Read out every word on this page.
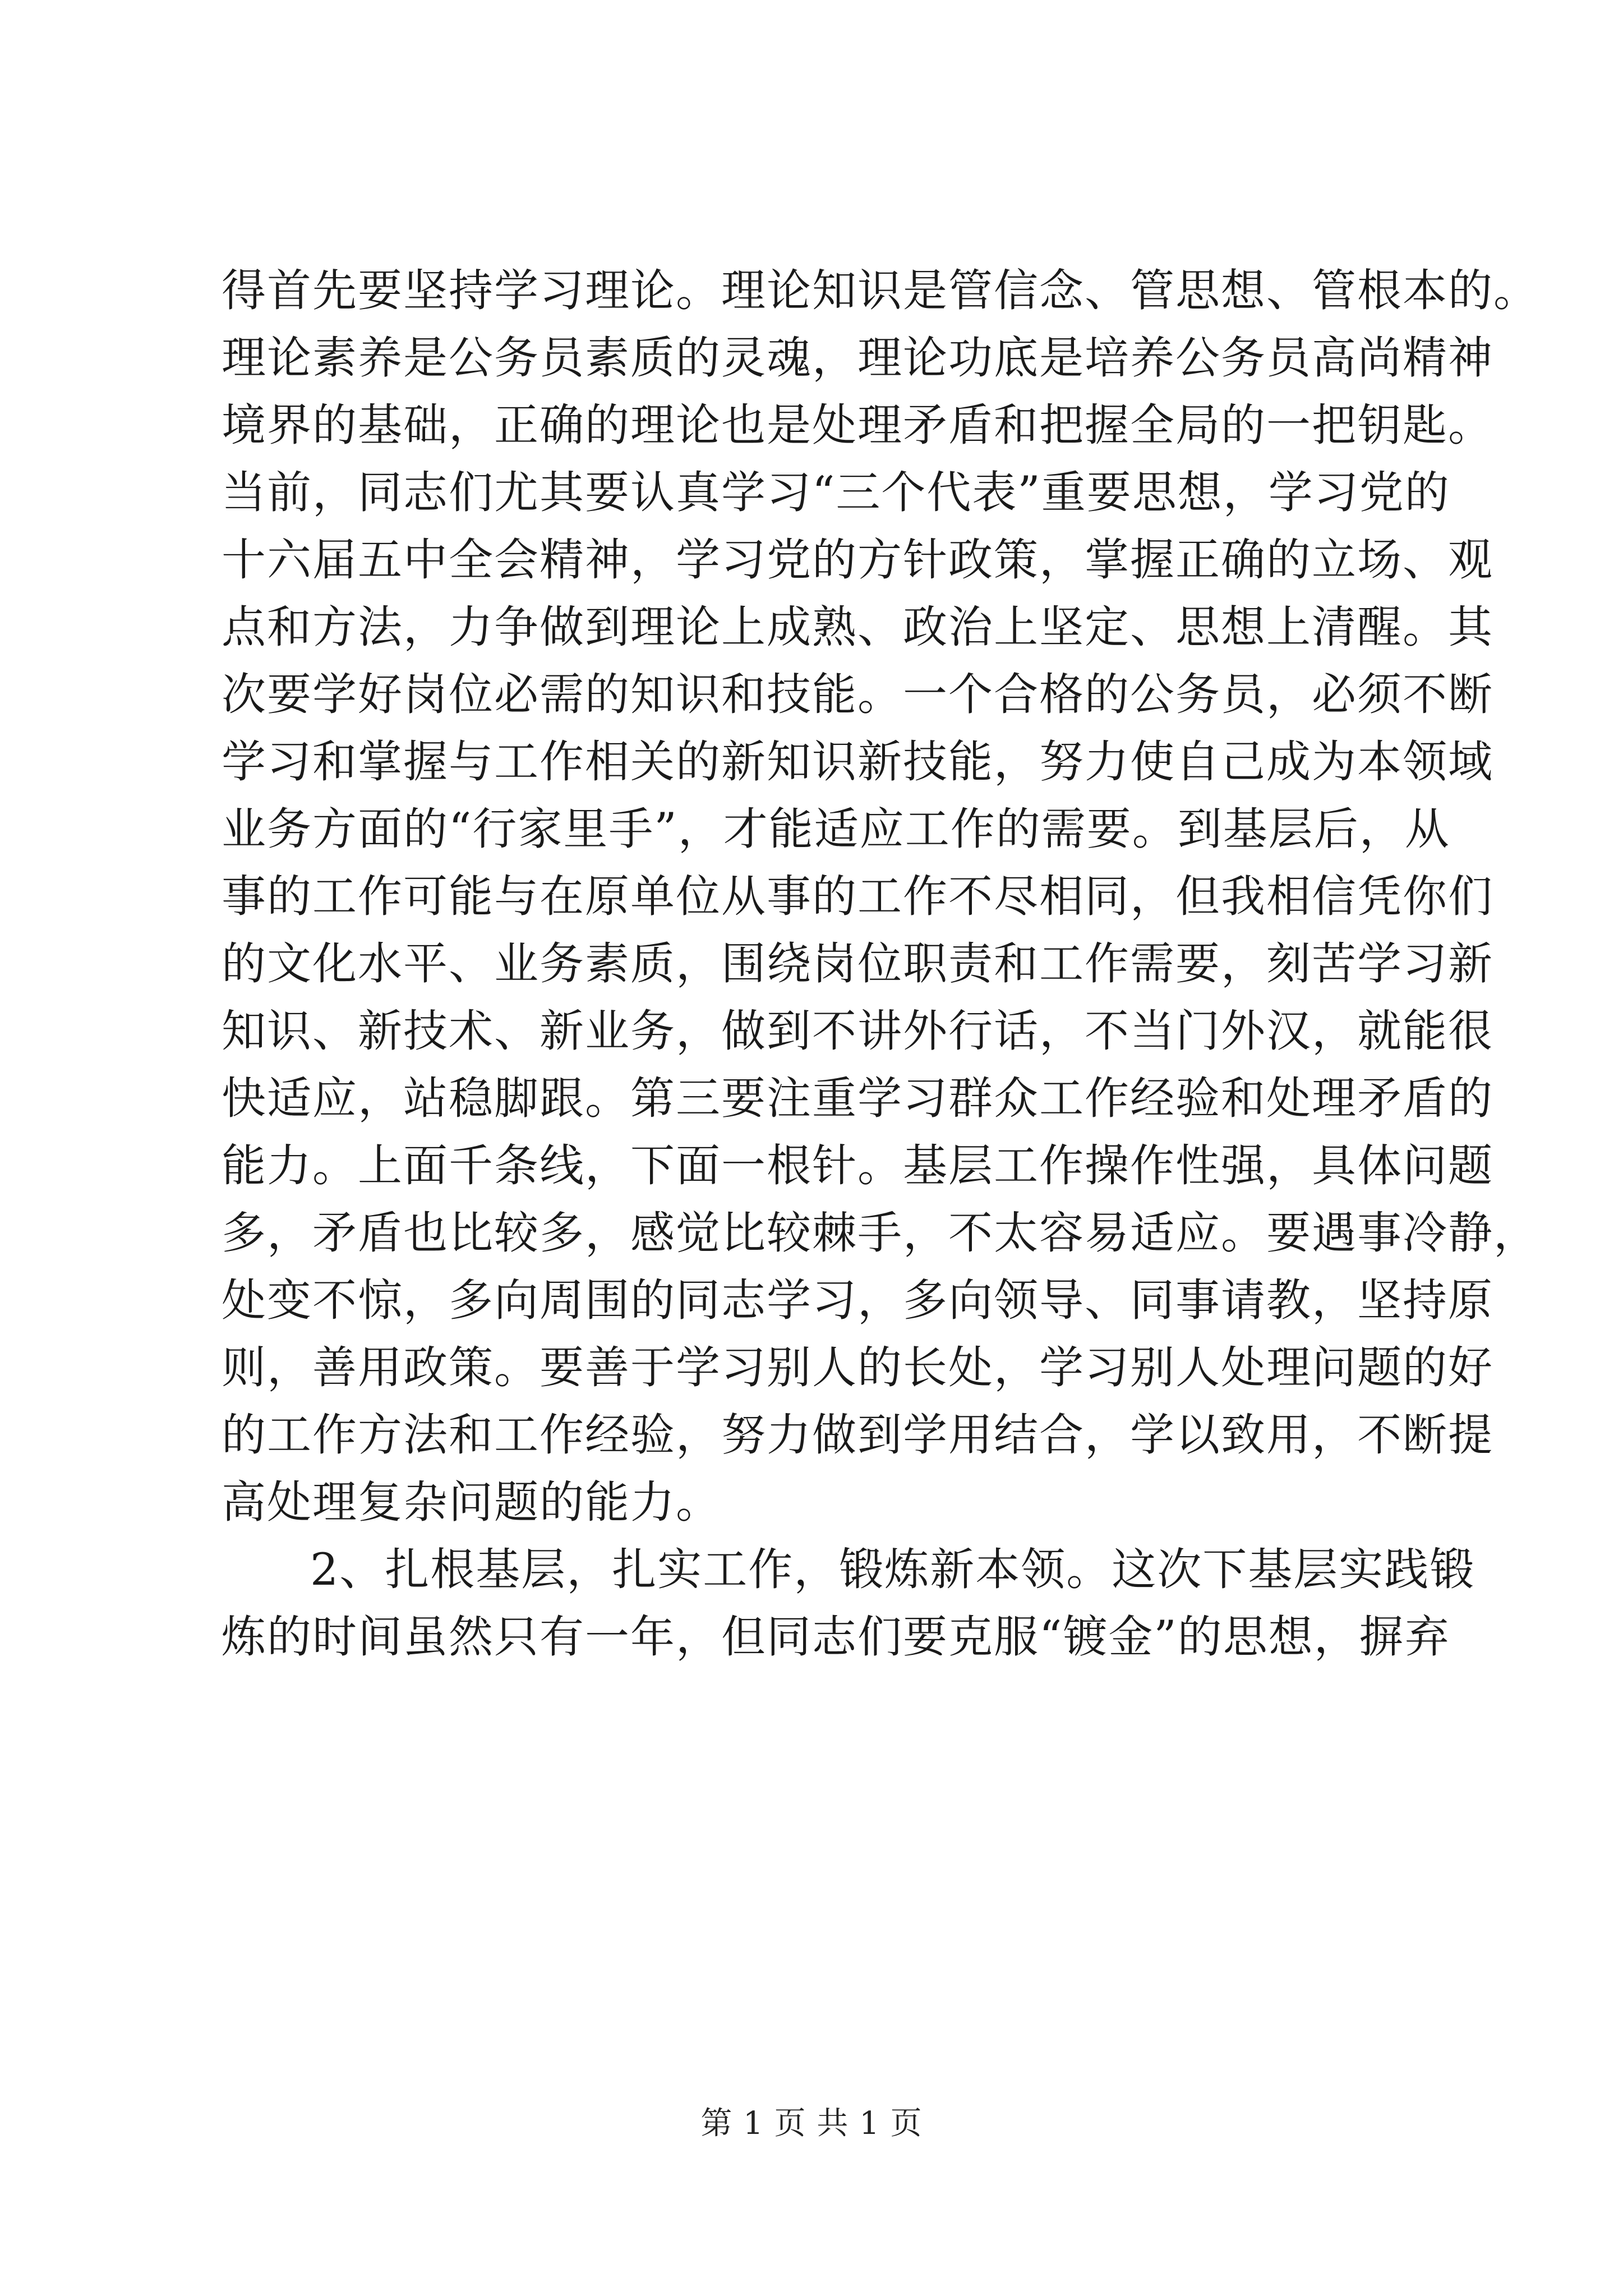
得首先要坚持学习理论。理论知识是管信念、管思想、管根本的。
理论素养是公务员素质的灵魂，理论功底是培养公务员高尚精神
境界的基础，正确的理论也是处理矛盾和把握全局的一把钥匙。
当前，同志们尤其要认真学习“三个代表”重要思想，学习党的
十六届五中全会精神，学习党的方针政策，掌握正确的立场、观
点和方法，力争做到理论上成熟、政治上坚定、思想上清醒。其
次要学好岗位必需的知识和技能。一个合格的公务员，必须不断
学习和掌握与工作相关的新知识新技能，努力使自己成为本领域
业务方面的“行家里手”，才能适应工作的需要。到基层后，从
事的工作可能与在原单位从事的工作不尽相同，但我相信凭你们
的文化水平、业务素质，围绕岗位职责和工作需要，刻苦学习新
知识、新技术、新业务，做到不讲外行话，不当门外汉，就能很
快适应，站稳脚跟。第三要注重学习群众工作经验和处理矛盾的
能力。上面千条线，下面一根针。基层工作操作性强，具体问题
多，矛盾也比较多，感觉比较棘手，不太容易适应。要遇事冷静，
处变不惊，多向周围的同志学习，多向领导、同事请教，坚持原
则，善用政策。要善于学习别人的长处，学习别人处理问题的好
的工作方法和工作经验，努力做到学用结合，学以致用，不断提
高处理复杂问题的能力。
2、扎根基层，扎实工作，锻炼新本领。这次下基层实践锻
炼的时间虽然只有一年，但同志们要克服“镀金”的思想，摒弃
第 1 页 共 1 页
